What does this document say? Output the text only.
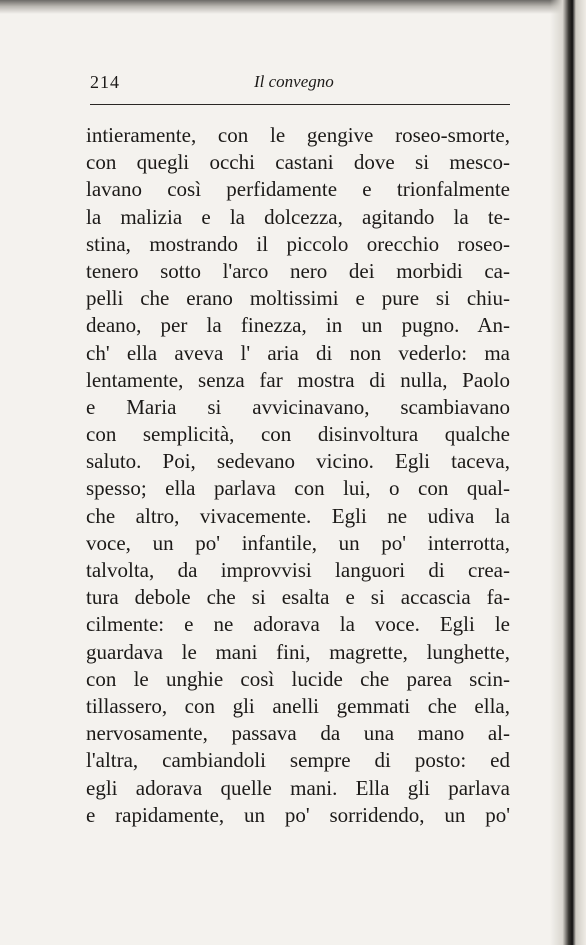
214	Il convegno
intieramente, con le gengive roseo-smorte,
con quegli occhi castani dove si mesco-
lavano così perfidamente e trionfalmente
la malizia e la dolcezza, agitando la te-
stina, mostrando il piccolo orecchio roseo-
tenero sotto l'arco nero dei morbidi ca-
pelli che erano moltissimi e pure si chiu-
deano, per la finezza, in un pugno. An-
ch' ella aveva l' aria di non vederlo: ma
lentamente, senza far mostra di nulla, Paolo
e Maria si avvicinavano, scambiavano
con semplicità, con disinvoltura qualche
saluto. Poi, sedevano vicino. Egli taceva,
spesso; ella parlava con lui, o con qual-
che altro, vivacemente. Egli ne udiva la
voce, un po' infantile, un po' interrotta,
talvolta, da improvvisi languori di crea-
tura debole che si esalta e si accascia fa-
cilmente: e ne adorava la voce. Egli le
guardava le mani fini, magrette, lunghette,
con le unghie così lucide che parea scin-
tillassero, con gli anelli gemmati che ella,
nervosamente, passava da una mano al-
l'altra, cambiandoli sempre di posto: ed
egli adorava quelle mani. Ella gli parlava
e rapidamente, un po' sorridendo, un po'
